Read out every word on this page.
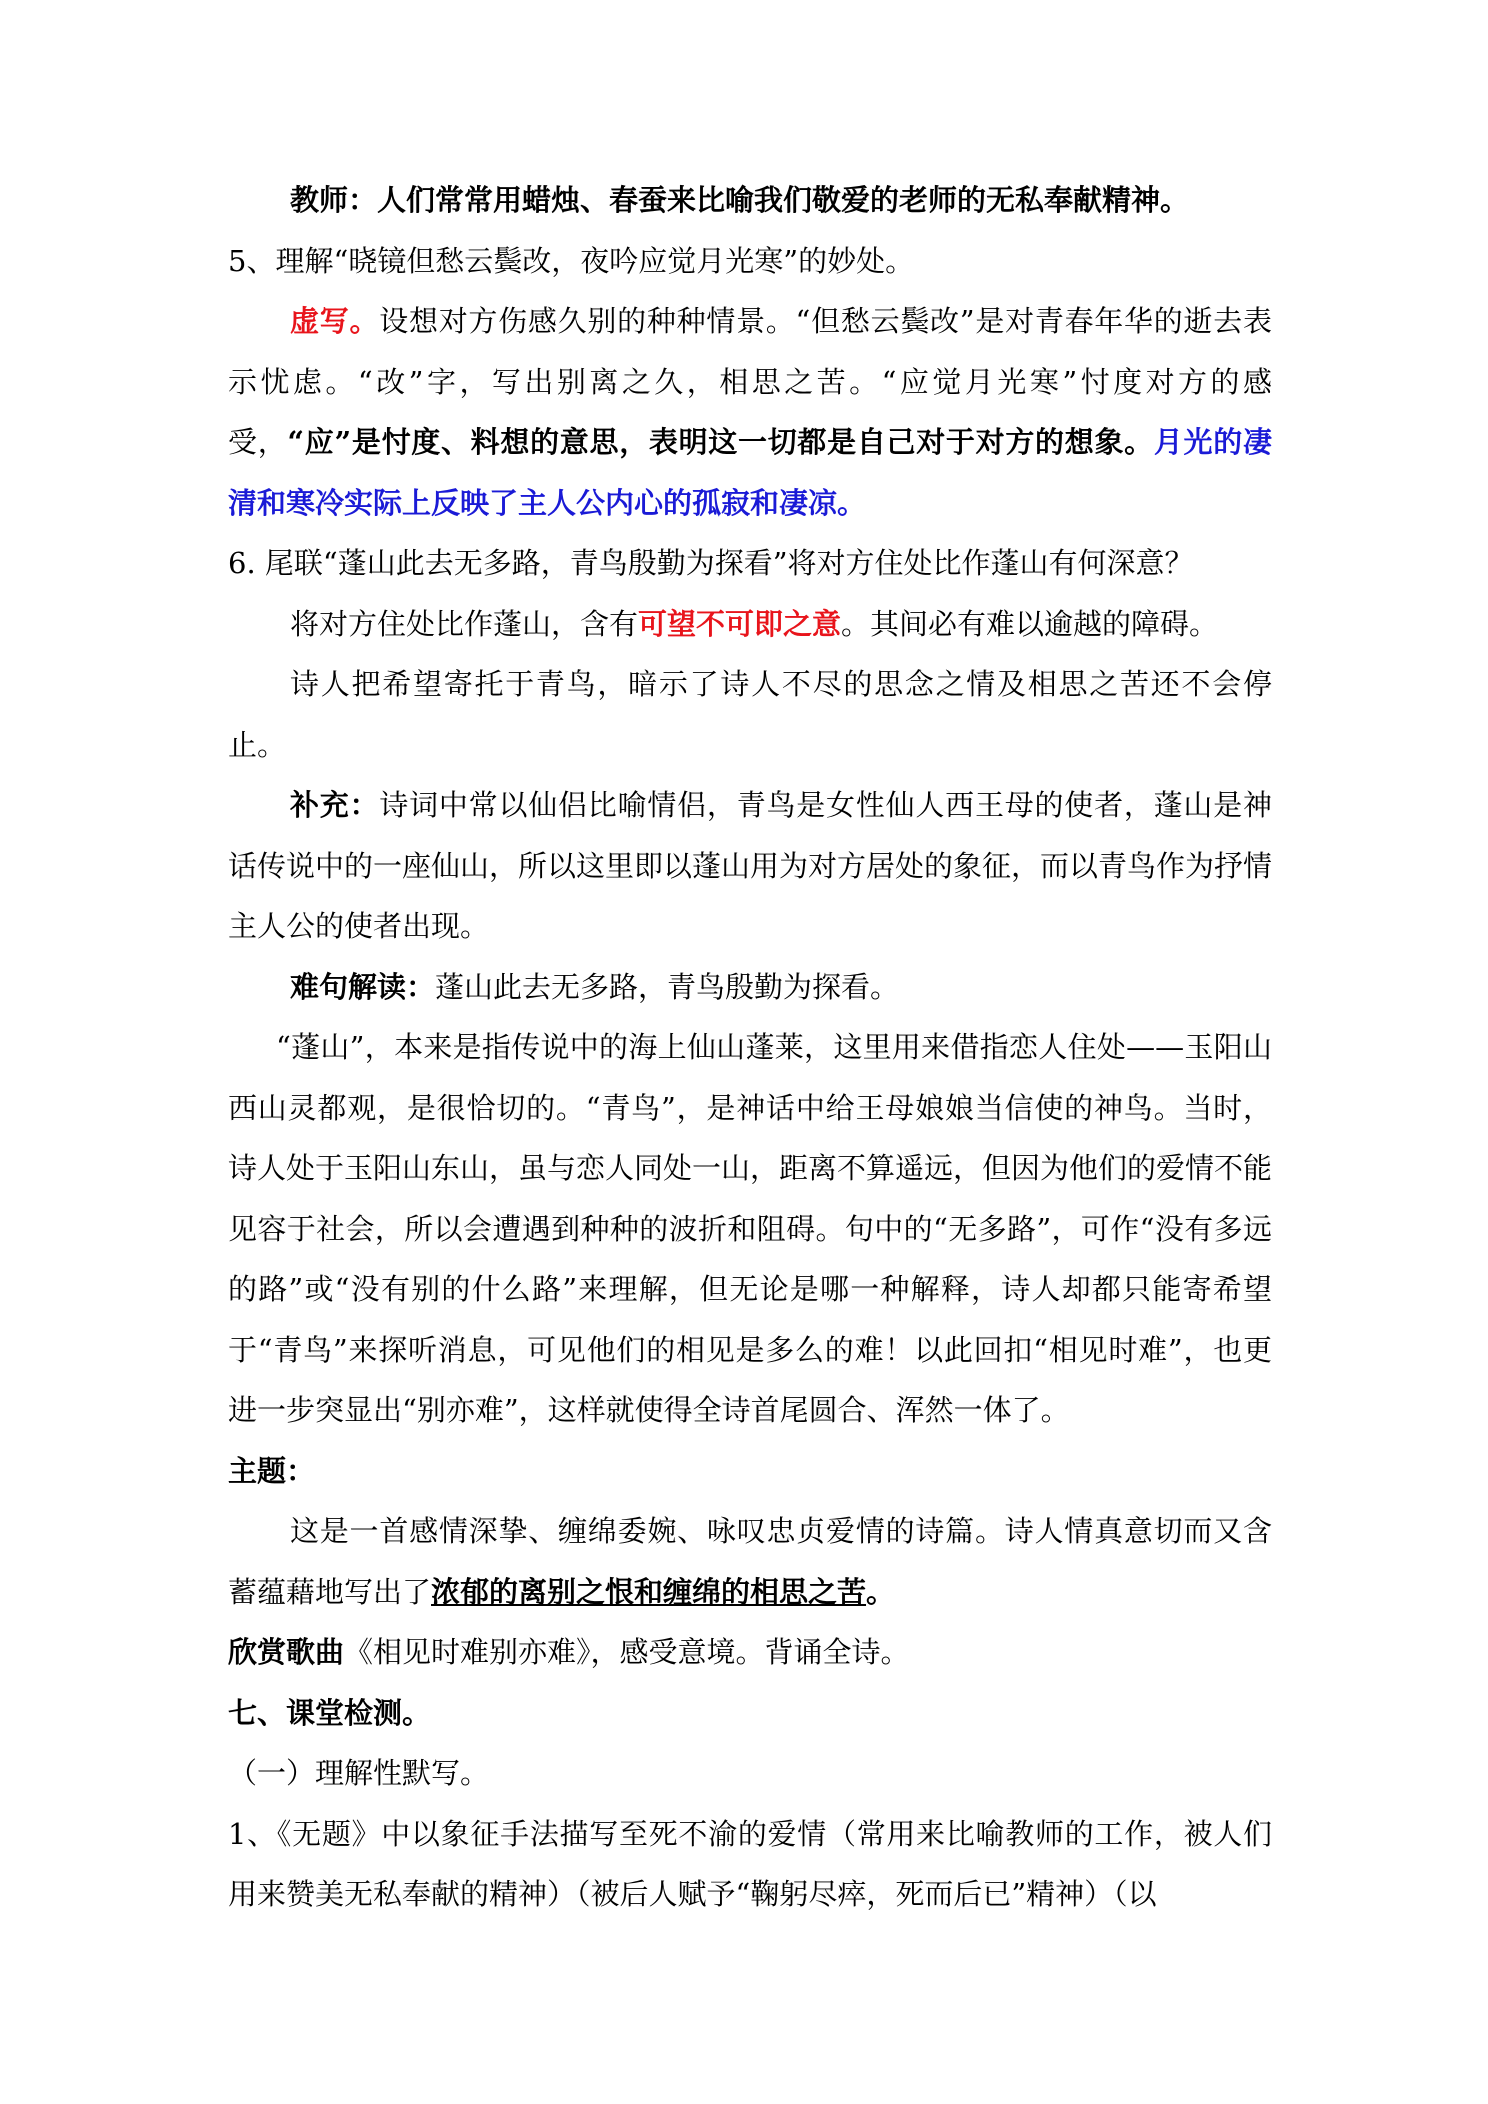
教师：人们常常用蜡烛、春蚕来比喻我们敬爱的老师的无私奉献精神。

5、理解“晓镜但愁云鬓改，夜吟应觉月光寒”的妙处。

虚写。设想对方伤感久别的种种情景。“但愁云鬓改”是对青春年华的逝去表示忧虑。“改”字，写出别离之久，相思之苦。“应觉月光寒”忖度对方的感受，“应”是忖度、料想的意思，表明这一切都是自己对于对方的想象。月光的凄清和寒冷实际上反映了主人公内心的孤寂和凄凉。

6. 尾联“蓬山此去无多路，青鸟殷勤为探看”将对方住处比作蓬山有何深意？

将对方住处比作蓬山，含有可望不可即之意。其间必有难以逾越的障碍。

诗人把希望寄托于青鸟，暗示了诗人不尽的思念之情及相思之苦还不会停止。

补充：诗词中常以仙侣比喻情侣，青鸟是女性仙人西王母的使者，蓬山是神话传说中的一座仙山，所以这里即以蓬山用为对方居处的象征，而以青鸟作为抒情主人公的使者出现。

难句解读：蓬山此去无多路，青鸟殷勤为探看。

“蓬山”，本来是指传说中的海上仙山蓬莱，这里用来借指恋人住处——玉阳山西山灵都观，是很恰切的。“青鸟”，是神话中给王母娘娘当信使的神鸟。当时，诗人处于玉阳山东山，虽与恋人同处一山，距离不算遥远，但因为他们的爱情不能见容于社会，所以会遭遇到种种的波折和阻碍。句中的“无多路”，可作“没有多远的路”或“没有别的什么路”来理解，但无论是哪一种解释，诗人却都只能寄希望于“青鸟”来探听消息，可见他们的相见是多么的难！以此回扣“相见时难”，也更进一步突显出“别亦难”，这样就使得全诗首尾圆合、浑然一体了。

主题：

这是一首感情深挚、缠绵委婉、咏叹忠贞爱情的诗篇。诗人情真意切而又含蓄蕴藉地写出了浓郁的离别之恨和缠绵的相思之苦。

欣赏歌曲《相见时难别亦难》，感受意境。背诵全诗。

七、课堂检测。

（一）理解性默写。

1、《无题》中以象征手法描写至死不渝的爱情（常用来比喻教师的工作，被人们用来赞美无私奉献的精神）（被后人赋予“鞠躬尽瘁，死而后已”精神）（以
